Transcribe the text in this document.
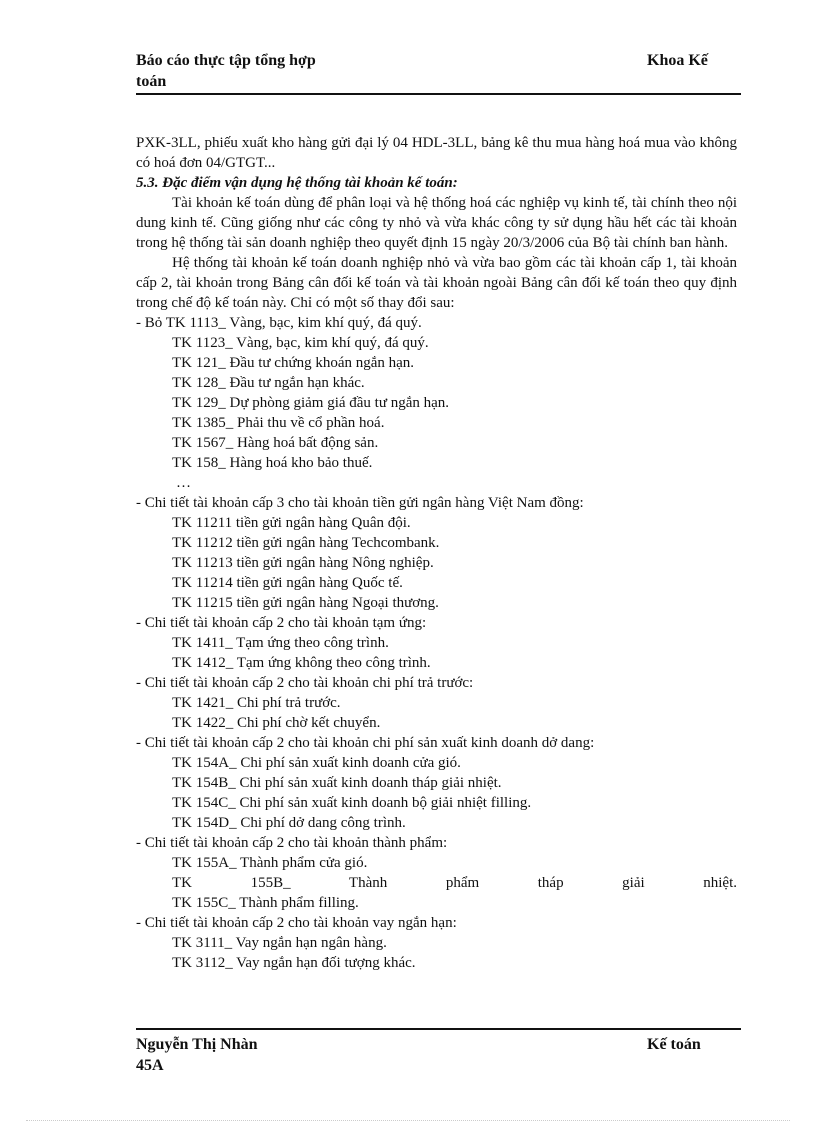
Báo cáo thực tập tổng hợp	Khoa Kế
toán

PXK-3LL, phiếu xuất kho hàng gửi đại lý 04 HDL-3LL, bảng kê thu mua hàng hoá mua vào không có hoá đơn 04/GTGT...

5.3. Đặc điểm vận dụng hệ thống tài khoản kế toán:

Tài khoản kế toán dùng để phân loại và hệ thống hoá các nghiệp vụ kinh tế, tài chính theo nội dung kinh tế. Cũng giống như các công ty nhỏ và vừa khác công ty sử dụng hầu hết các tài khoản trong hệ thống tài sản doanh nghiệp theo quyết định 15 ngày 20/3/2006 của Bộ tài chính ban hành.

Hệ thống tài khoản kế toán doanh nghiệp nhỏ và vừa bao gồm các tài khoản cấp 1, tài khoản cấp 2, tài khoản trong Bảng cân đối kế toán và tài khoản ngoài Bảng cân đối kế toán theo quy định trong chế độ kế toán này. Chỉ có một số thay đổi sau:

- Bỏ TK 1113_ Vàng, bạc, kim khí quý, đá quý.

TK 1123_ Vàng, bạc, kim khí quý, đá quý.

TK 121_ Đầu tư chứng khoán ngắn hạn.

TK 128_ Đầu tư ngắn hạn khác.

TK 129_ Dự phòng giảm giá đầu tư ngắn hạn.

TK 1385_ Phải thu về cổ phần hoá.

TK 1567_ Hàng hoá bất động sản.

TK 158_ Hàng hoá kho bảo thuế.

…

- Chi tiết tài khoản cấp 3 cho tài khoản tiền gửi ngân hàng Việt Nam đồng:

TK 11211 tiền gửi ngân hàng Quân đội.

TK 11212 tiền gửi ngân hàng Techcombank.

TK 11213 tiền gửi ngân hàng Nông nghiệp.

TK 11214 tiền gửi ngân hàng Quốc tế.

TK 11215 tiền gửi ngân hàng Ngoại thương.

- Chi tiết tài khoản cấp 2 cho tài khoản tạm ứng:

TK 1411_ Tạm ứng theo công trình.

TK 1412_ Tạm ứng không theo công trình.

- Chi tiết tài khoản cấp 2 cho tài khoản chi phí trả trước:

TK 1421_ Chi phí trả trước.

TK 1422_ Chi phí chờ kết chuyển.

- Chi tiết tài khoản cấp 2 cho tài khoản chi phí sản xuất kinh doanh dở dang:

TK 154A_ Chi phí sản xuất kinh doanh cửa gió.

TK 154B_ Chi phí sản xuất kinh doanh tháp giải nhiệt.

TK 154C_ Chi phí sản xuất kinh doanh bộ giải nhiệt filling.

TK 154D_ Chi phí dở dang công trình.

- Chi tiết tài khoản cấp 2 cho tài khoản thành phẩm:

TK 155A_ Thành phẩm cửa gió.

TK 155B_ Thành phẩm tháp giải nhiệt.

TK 155C_ Thành phẩm filling.

- Chi tiết tài khoản cấp 2 cho tài khoản vay ngắn hạn:

TK 3111_ Vay ngắn hạn ngân hàng.

TK 3112_ Vay ngắn hạn đối tượng khác.

Nguyễn Thị Nhàn	Kế toán
45A
